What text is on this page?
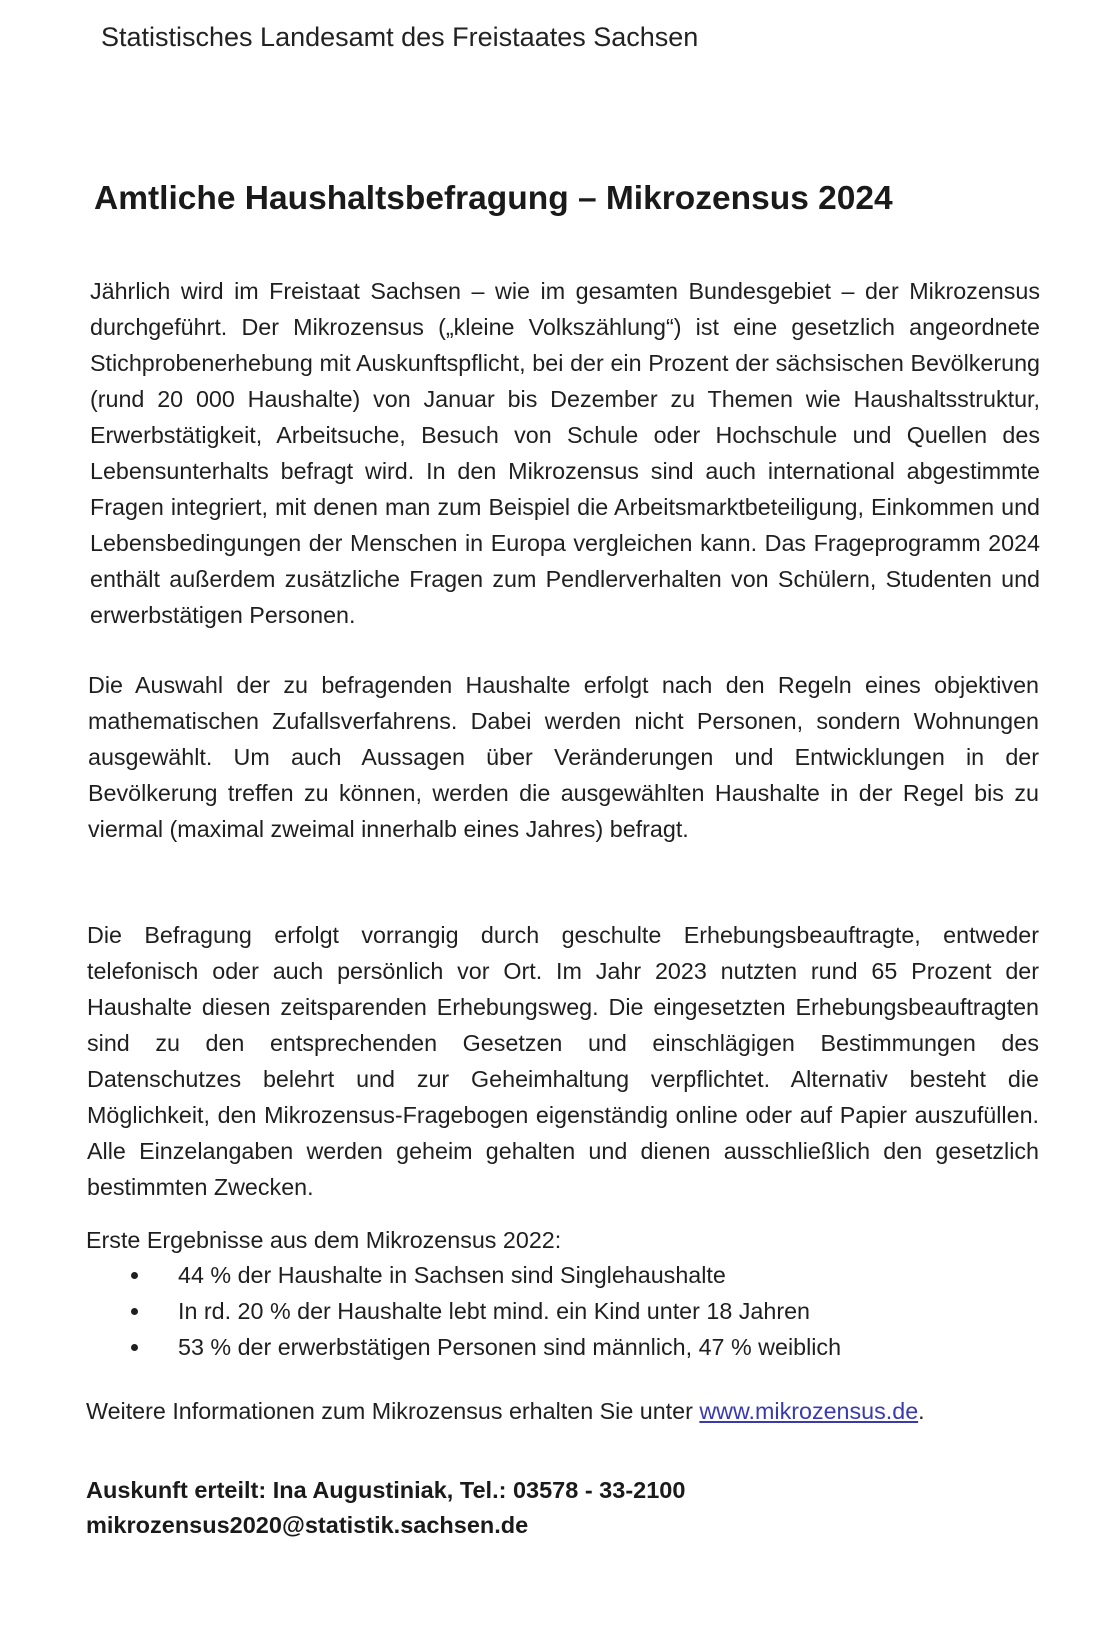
Statistisches Landesamt des Freistaates Sachsen

Amtliche Haushaltsbefragung – Mikrozensus 2024

Jährlich wird im Freistaat Sachsen – wie im gesamten Bundesgebiet – der Mikrozensus durchgeführt. Der Mikrozensus („kleine Volkszählung“) ist eine gesetzlich angeordnete Stichprobenerhebung mit Auskunftspflicht, bei der ein Prozent der sächsischen Bevölkerung (rund 20 000 Haushalte) von Januar bis Dezember zu Themen wie Haushaltsstruktur, Erwerbstätigkeit, Arbeitsuche, Besuch von Schule oder Hochschule und Quellen des Lebensunterhalts befragt wird. In den Mikrozensus sind auch international abgestimmte Fragen integriert, mit denen man zum Beispiel die Arbeitsmarktbeteiligung, Einkommen und Lebensbedingungen der Menschen in Europa vergleichen kann. Das Frageprogramm 2024 enthält außerdem zusätzliche Fragen zum Pendlerverhalten von Schülern, Studenten und erwerbstätigen Personen.

Die Auswahl der zu befragenden Haushalte erfolgt nach den Regeln eines objektiven mathematischen Zufallsverfahrens. Dabei werden nicht Personen, sondern Wohnungen ausgewählt. Um auch Aussagen über Veränderungen und Entwicklungen in der Bevölkerung treffen zu können, werden die ausgewählten Haushalte in der Regel bis zu viermal (maximal zweimal innerhalb eines Jahres) befragt.

Die Befragung erfolgt vorrangig durch geschulte Erhebungsbeauftragte, entweder telefonisch oder auch persönlich vor Ort. Im Jahr 2023 nutzten rund 65 Prozent der Haushalte diesen zeitsparenden Erhebungsweg. Die eingesetzten Erhebungsbeauftragten sind zu den entsprechenden Gesetzen und einschlägigen Bestimmungen des Datenschutzes belehrt und zur Geheimhaltung verpflichtet. Alternativ besteht die Möglichkeit, den Mikrozensus-Fragebogen eigenständig online oder auf Papier auszufüllen. Alle Einzelangaben werden geheim gehalten und dienen ausschließlich den gesetzlich bestimmten Zwecken.

Erste Ergebnisse aus dem Mikrozensus 2022:

44 % der Haushalte in Sachsen sind Singlehaushalte
In rd. 20 % der Haushalte lebt mind. ein Kind unter 18 Jahren
53 % der erwerbstätigen Personen sind männlich, 47 % weiblich

Weitere Informationen zum Mikrozensus erhalten Sie unter www.mikrozensus.de.

Auskunft erteilt: Ina Augustiniak, Tel.: 03578 - 33-2100
mikrozensus2020@statistik.sachsen.de
